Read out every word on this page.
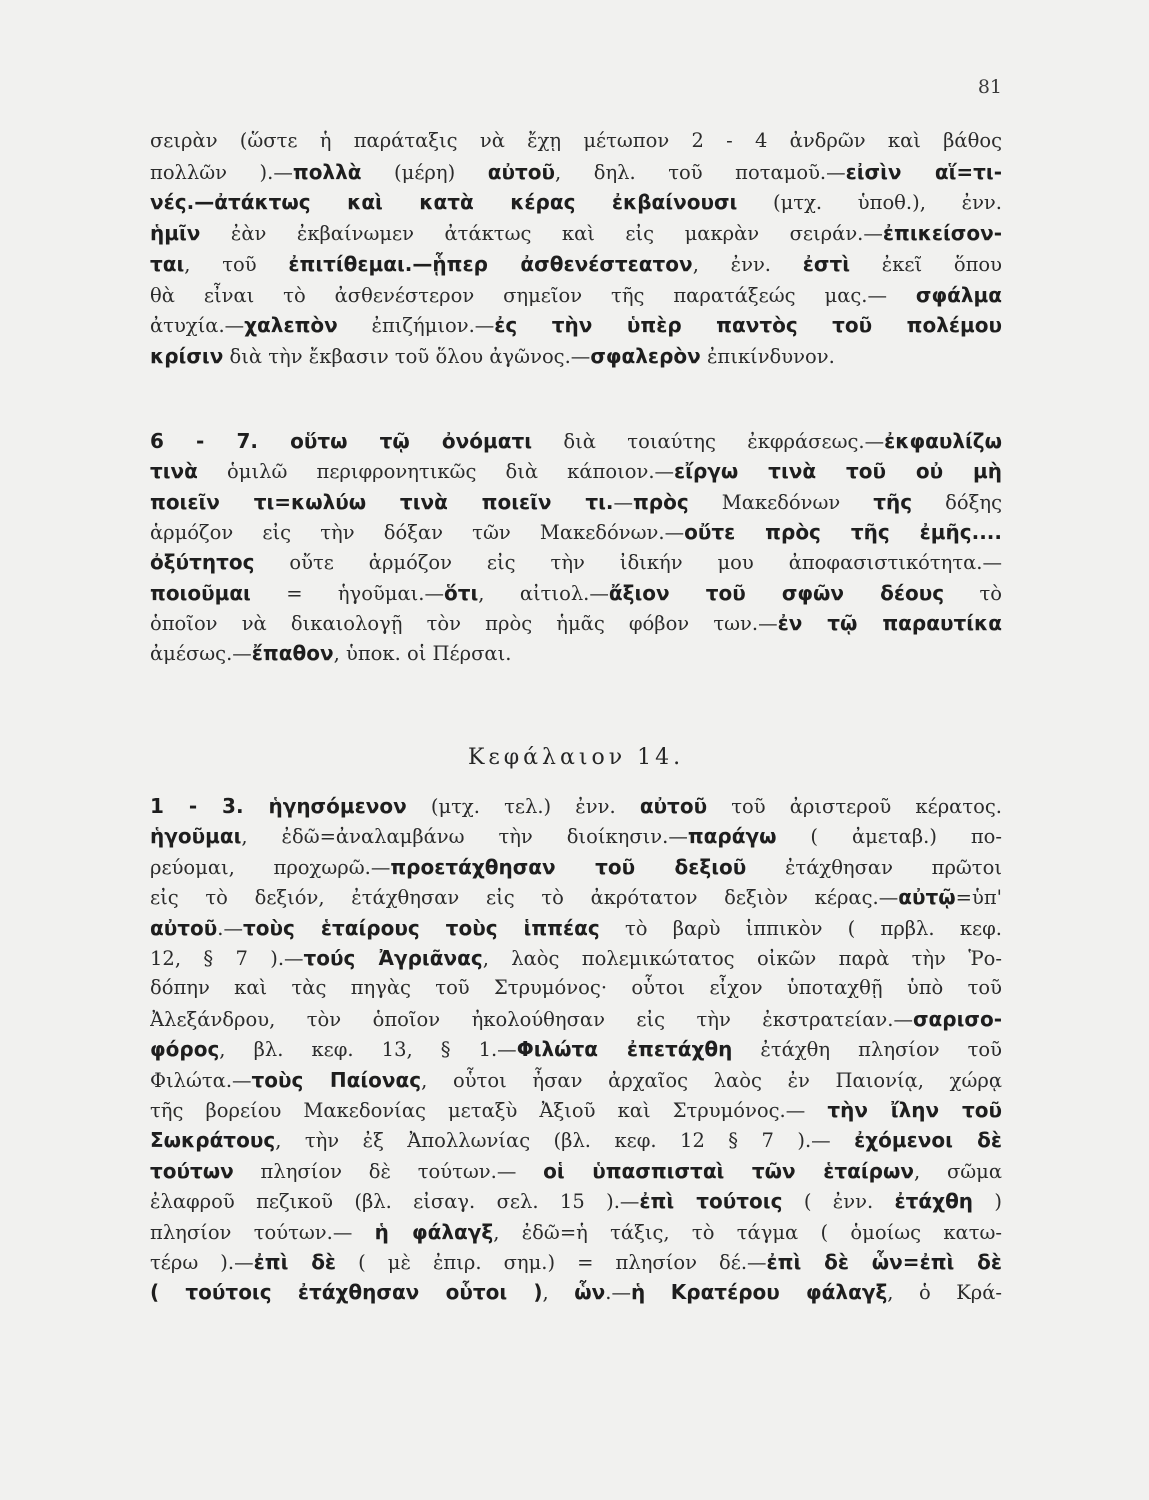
81
σειρὰν (ὥστε ἡ παράταξις νὰ ἔχῃ μέτωπον 2 - 4 ἀνδρῶν καὶ βάθος
πολλῶν ).—πολλὰ (μέρη) αὐτοῦ, δηλ. τοῦ ποταμοῦ.—εἰσὶν αἵ=τι-
νές.—ἀτάκτως καὶ κατὰ κέρας ἐκβαίνουσι (μτχ. ὑποθ.), ἐνν.
ἡμῖν ἐὰν ἐκβαίνωμεν ἀτάκτως καὶ εἰς μακρὰν σειράν.—ἐπικείσον-
ται, τοῦ ἐπιτίθεμαι.—ᾗπερ ἀσθενέστεατον, ἐνν. ἐστὶ ἐκεῖ ὅπου
θὰ εἶναι τὸ ἀσθενέστερον σημεῖον τῆς παρατάξεώς μας.— σφάλμα
ἀτυχία.—χαλεπὸν ἐπιζήμιον.—ἐς τὴν ὑπὲρ παντὸς τοῦ πολέμου
κρίσιν διὰ τὴν ἔκβασιν τοῦ ὅλου ἀγῶνος.—σφαλερὸν ἐπικίνδυνον.
6 - 7. οὕτω τῷ ὀνόματι διὰ τοιαύτης ἐκφράσεως.—ἐκφαυλίζω
τινὰ ὁμιλῶ περιφρονητικῶς διὰ κάποιον.—εἴργω τινὰ τοῦ οὐ μὴ
ποιεῖν τι=κωλύω τινὰ ποιεῖν τι.—πρὸς Μακεδόνων τῆς δόξης
ἁρμόζον εἰς τὴν δόξαν τῶν Μακεδόνων.—οὔτε πρὸς τῆς ἐμῆς....
ὀξύτητος οὔτε ἁρμόζον εἰς τὴν ἰδικήν μου ἀποφασιστικότητα.—
ποιοῦμαι = ἡγοῦμαι.—ὅτι, αἰτιολ.—ἄξιον τοῦ σφῶν δέους τὸ
ὁποῖον νὰ δικαιολογῇ τὸν πρὸς ἡμᾶς φόβον των.—ἐν τῷ παραυτίκα
ἀμέσως.—ἔπαθον, ὑποκ. οἱ Πέρσαι.
Κεφάλαιον 14.
1 - 3. ἡγησόμενον (μτχ. τελ.) ἐνν. αὐτοῦ τοῦ ἀριστεροῦ κέρατος.
ἡγοῦμαι, ἐδῶ=ἀναλαμβάνω τὴν διοίκησιν.—παράγω ( ἀμεταβ.) πο-
ρεύομαι, προχωρῶ.—προετάχθησαν τοῦ δεξιοῦ ἐτάχθησαν πρῶτοι
εἰς τὸ δεξιόν, ἐτάχθησαν εἰς τὸ ἀκρότατον δεξιὸν κέρας.—αὐτῷ=ὑπ'
αὐτοῦ.—τοὺς ἑταίρους τοὺς ἱππέας τὸ βαρὺ ἱππικὸν ( πρβλ. κεφ.
12, § 7 ).—τούς Ἀγριᾶνας, λαὸς πολεμικώτατος οἰκῶν παρὰ τὴν Ῥο-
δόπην καὶ τὰς πηγὰς τοῦ Στρυμόνος· οὗτοι εἶχον ὑποταχθῇ ὑπὸ τοῦ
Ἀλεξάνδρου, τὸν ὁποῖον ἠκολούθησαν εἰς τὴν ἐκστρατείαν.—σαρισο-
φόρος, βλ. κεφ. 13, § 1.—Φιλώτα ἐπετάχθη ἐτάχθη πλησίον τοῦ
Φιλώτα.—τοὺς Παίονας, οὗτοι ἦσαν ἀρχαῖος λαὸς ἐν Παιονίᾳ, χώρᾳ
τῆς βορείου Μακεδονίας μεταξὺ Ἀξιοῦ καὶ Στρυμόνος.— τὴν ἴλην τοῦ
Σωκράτους, τὴν ἐξ Ἀπολλωνίας (βλ. κεφ. 12 § 7 ).— ἐχόμενοι δὲ
τούτων πλησίον δὲ τούτων.— οἱ ὑπασπισταὶ τῶν ἑταίρων, σῶμα
ἐλαφροῦ πεζικοῦ (βλ. εἰσαγ. σελ. 15 ).—ἐπὶ τούτοις ( ἐνν. ἐτάχθη )
πλησίον τούτων.— ἡ φάλαγξ, ἐδῶ=ἡ τάξις, τὸ τάγμα ( ὁμοίως κατω-
τέρω ).—ἐπὶ δὲ ( μὲ ἐπιρ. σημ.) = πλησίον δέ.—ἐπὶ δὲ ὧν=ἐπὶ δὲ
( τούτοις ἐτάχθησαν οὗτοι ), ὧν.—ἡ Κρατέρου φάλαγξ, ὁ Κρά-
